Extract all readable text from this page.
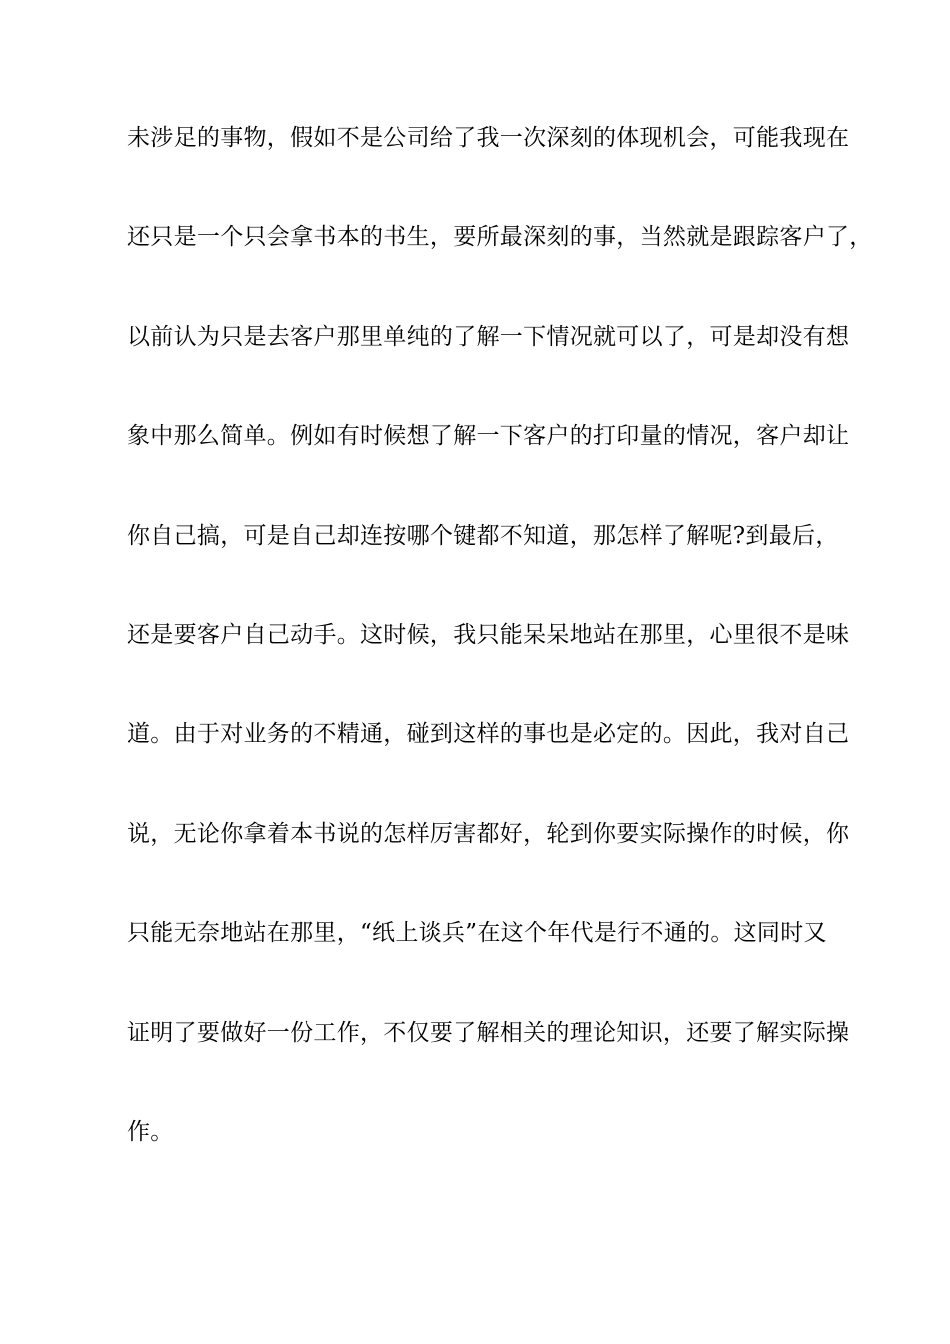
未涉足的事物，假如不是公司给了我一次深刻的体现机会，可能我现在
还只是一个只会拿书本的书生，要所最深刻的事，当然就是跟踪客户了，
以前认为只是去客户那里单纯的了解一下情况就可以了，可是却没有想
象中那么简单。例如有时候想了解一下客户的打印量的情况，客户却让
你自己搞，可是自己却连按哪个键都不知道，那怎样了解呢?到最后，
还是要客户自己动手。这时候，我只能呆呆地站在那里，心里很不是味
道。由于对业务的不精通，碰到这样的事也是必定的。因此，我对自己
说，无论你拿着本书说的怎样厉害都好，轮到你要实际操作的时候，你
只能无奈地站在那里，“纸上谈兵”在这个年代是行不通的。这同时又
证明了要做好一份工作，不仅要了解相关的理论知识，还要了解实际操
作。
